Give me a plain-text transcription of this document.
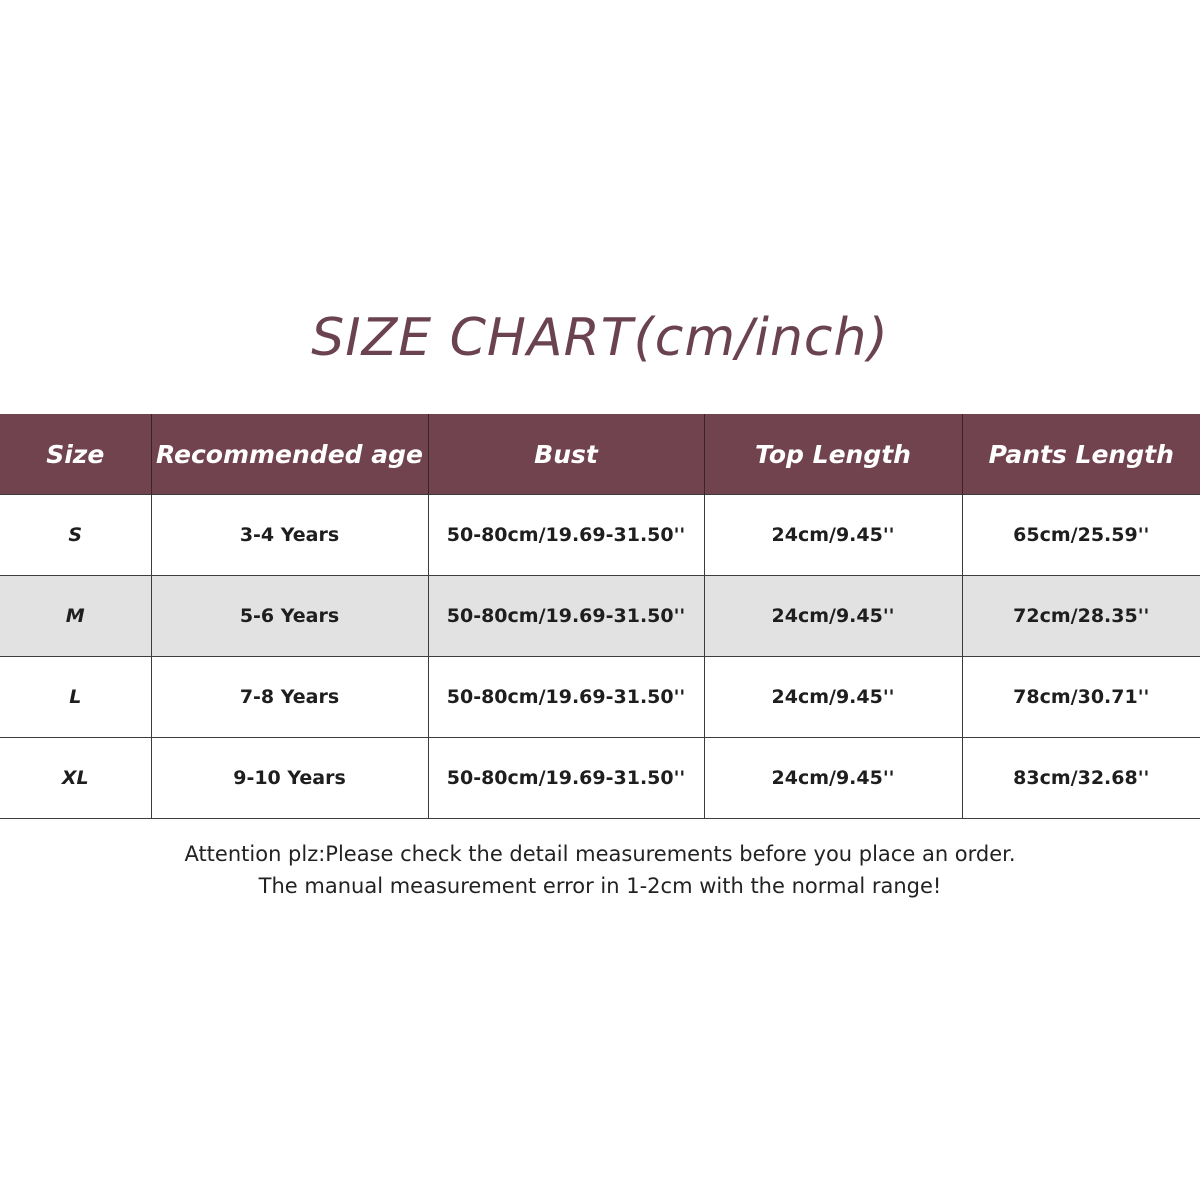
SIZE CHART(cm/inch)
Size	Recommended age	Bust	Top Length	Pants Length
S	3-4 Years	50-80cm/19.69-31.50''	24cm/9.45''	65cm/25.59''
M	5-6 Years	50-80cm/19.69-31.50''	24cm/9.45''	72cm/28.35''
L	7-8 Years	50-80cm/19.69-31.50''	24cm/9.45''	78cm/30.71''
XL	9-10 Years	50-80cm/19.69-31.50''	24cm/9.45''	83cm/32.68''
Attention plz:Please check the detail measurements before you place an order.
The manual measurement error in 1-2cm with the normal range!
